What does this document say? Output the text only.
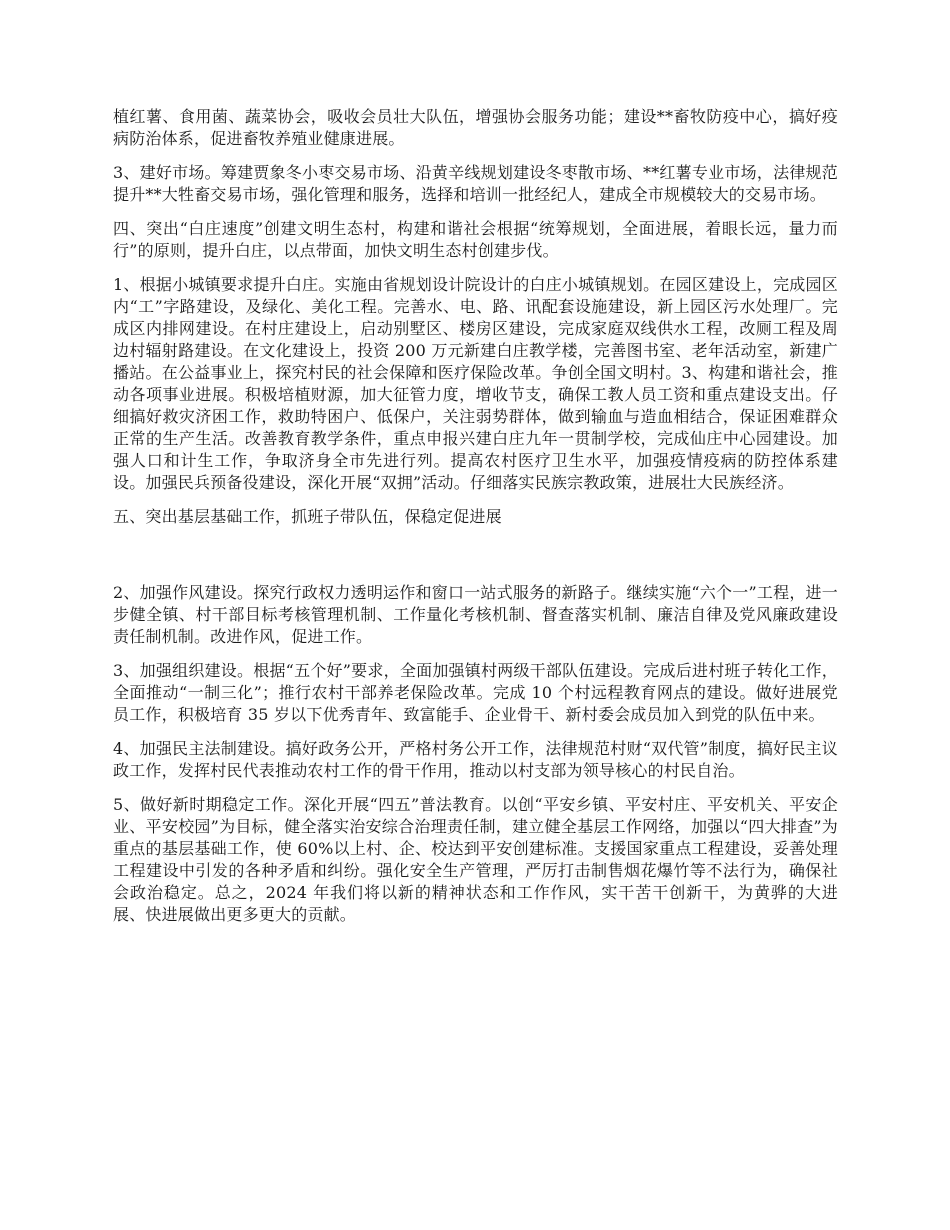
植红薯、食用菌、蔬菜协会，吸收会员壮大队伍，增强协会服务功能；建设**畜牧防疫中心，搞好疫病防治体系，促进畜牧养殖业健康进展。

3、建好市场。筹建贾象冬小枣交易市场、沿黄辛线规划建设冬枣散市场、**红薯专业市场，法律规范提升**大牲畜交易市场，强化管理和服务，选择和培训一批经纪人，建成全市规模较大的交易市场。

四、突出“白庄速度”创建文明生态村，构建和谐社会根据“统筹规划，全面进展，着眼长远，量力而行”的原则，提升白庄，以点带面，加快文明生态村创建步伐。

1、根据小城镇要求提升白庄。实施由省规划设计院设计的白庄小城镇规划。在园区建设上，完成园区内“工”字路建设，及绿化、美化工程。完善水、电、路、讯配套设施建设，新上园区污水处理厂。完成区内排网建设。在村庄建设上，启动别墅区、楼房区建设，完成家庭双线供水工程，改厕工程及周边村辐射路建设。在文化建设上，投资 200 万元新建白庄教学楼，完善图书室、老年活动室，新建广播站。在公益事业上，探究村民的社会保障和医疗保险改革。争创全国文明村。3、构建和谐社会，推动各项事业进展。积极培植财源，加大征管力度，增收节支，确保工教人员工资和重点建设支出。仔细搞好救灾济困工作，救助特困户、低保户，关注弱势群体，做到输血与造血相结合，保证困难群众正常的生产生活。改善教育教学条件，重点申报兴建白庄九年一贯制学校，完成仙庄中心园建设。加强人口和计生工作，争取济身全市先进行列。提高农村医疗卫生水平，加强疫情疫病的防控体系建设。加强民兵预备役建设，深化开展“双拥”活动。仔细落实民族宗教政策，进展壮大民族经济。

五、突出基层基础工作，抓班子带队伍，保稳定促进展

2、加强作风建设。探究行政权力透明运作和窗口一站式服务的新路子。继续实施“六个一”工程，进一步健全镇、村干部目标考核管理机制、工作量化考核机制、督查落实机制、廉洁自律及党风廉政建设责任制机制。改进作风，促进工作。

3、加强组织建设。根据“五个好”要求，全面加强镇村两级干部队伍建设。完成后进村班子转化工作，全面推动“一制三化”；推行农村干部养老保险改革。完成 10 个村远程教育网点的建设。做好进展党员工作，积极培育 35 岁以下优秀青年、致富能手、企业骨干、新村委会成员加入到党的队伍中来。

4、加强民主法制建设。搞好政务公开，严格村务公开工作，法律规范村财“双代管”制度，搞好民主议政工作，发挥村民代表推动农村工作的骨干作用，推动以村支部为领导核心的村民自治。

5、做好新时期稳定工作。深化开展“四五”普法教育。以创“平安乡镇、平安村庄、平安机关、平安企业、平安校园”为目标，健全落实治安综合治理责任制，建立健全基层工作网络，加强以“四大排查”为重点的基层基础工作，使 60%以上村、企、校达到平安创建标准。支援国家重点工程建设，妥善处理工程建设中引发的各种矛盾和纠纷。强化安全生产管理，严厉打击制售烟花爆竹等不法行为，确保社会政治稳定。总之，2024 年我们将以新的精神状态和工作作风，实干苦干创新干，为黄骅的大进展、快进展做出更多更大的贡献。
